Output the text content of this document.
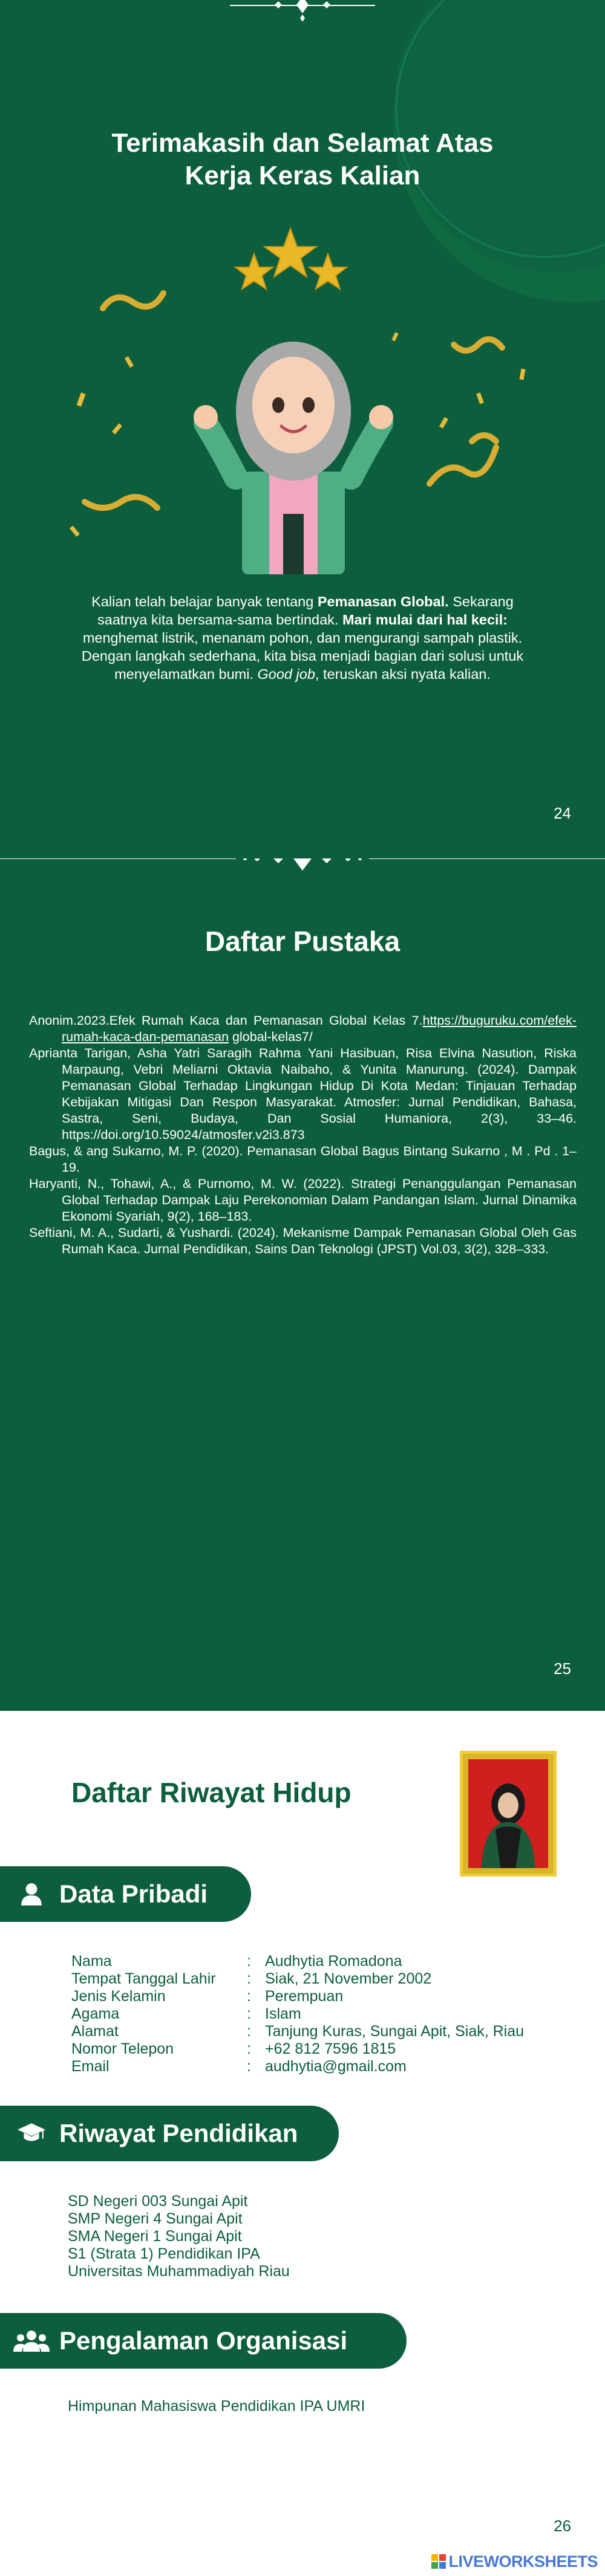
Terimakasih dan Selamat Atas
Kerja Keras Kalian

Kalian telah belajar banyak tentang Pemanasan Global. Sekarang saatnya kita bersama-sama bertindak. Mari mulai dari hal kecil: menghemat listrik, menanam pohon, dan mengurangi sampah plastik. Dengan langkah sederhana, kita bisa menjadi bagian dari solusi untuk menyelamatkan bumi. Good job, teruskan aksi nyata kalian.

24
Daftar Pustaka

Anonim.2023.Efek Rumah Kaca dan Pemanasan Global Kelas 7.https://buguruku.com/efek-rumah-kaca-dan-pemanasan global-kelas7/

Aprianta Tarigan, Asha Yatri Saragih Rahma Yani Hasibuan, Risa Elvina Nasution, Riska Marpaung, Vebri Meliarni Oktavia Naibaho, & Yunita Manurung. (2024). Dampak Pemanasan Global Terhadap Lingkungan Hidup Di Kota Medan: Tinjauan Terhadap Kebijakan Mitigasi Dan Respon Masyarakat. Atmosfer: Jurnal Pendidikan, Bahasa, Sastra, Seni, Budaya, Dan Sosial Humaniora, 2(3), 33–46. https://doi.org/10.59024/atmosfer.v2i3.873

Bagus, & ang Sukarno, M. P. (2020). Pemanasan Global Bagus Bintang Sukarno , M . Pd . 1–19.

Haryanti, N., Tohawi, A., & Purnomo, M. W. (2022). Strategi Penanggulangan Pemanasan Global Terhadap Dampak Laju Perekonomian Dalam Pandangan Islam. Jurnal Dinamika Ekonomi Syariah, 9(2), 168–183.

Seftiani, M. A., Sudarti, & Yushardi. (2024). Mekanisme Dampak Pemanasan Global Oleh Gas Rumah Kaca. Jurnal Pendidikan, Sains Dan Teknologi (JPST) Vol.03, 3(2), 328–333.

25
Daftar Riwayat Hidup
Data Pribadi
Nama	: Audhytia Romadona
Tempat Tanggal Lahir	: Siak, 21 November 2002
Jenis Kelamin	: Perempuan
Agama	: Islam
Alamat	: Tanjung Kuras, Sungai Apit, Siak, Riau
Nomor Telepon	: +62 812 7596 1815
Email	: audhytia@gmail.com
Riwayat Pendidikan
SD Negeri 003 Sungai Apit
SMP Negeri 4 Sungai Apit
SMA Negeri 1 Sungai Apit
S1 (Strata 1) Pendidikan IPA
Universitas Muhammadiyah Riau
Pengalaman Organisasi
Himpunan Mahasiswa Pendidikan IPA UMRI
26
LIVEWORKSHEETS
